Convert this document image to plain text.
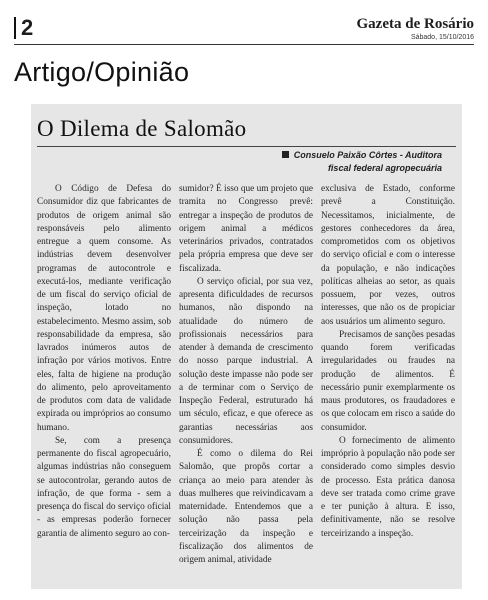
2	Gazeta de Rosário
Sábado, 15/10/2016
Artigo/Opinião
O Dilema de Salomão
Consuelo Paixão Côrtes - Auditora
fiscal federal agropecuária

O Código de Defesa do Consumidor diz que fabricantes de produtos de origem animal são responsáveis pelo alimento entregue a quem consome. As indústrias devem desenvolver programas de autocontrole e executá-los, mediante verificação de um fiscal do serviço oficial de inspeção, lotado no estabelecimento. Mesmo assim, sob responsabilidade da empresa, são lavrados inúmeros autos de infração por vários motivos. Entre eles, falta de higiene na produção do alimento, pelo aproveitamento de produtos com data de validade expirada ou impróprios ao consumo humano.

Se, com a presença permanente do fiscal agropecuário, algumas indústrias não conseguem se autocontrolar, gerando autos de infração, de que forma - sem a presença do fiscal do serviço oficial - as empresas poderão fornecer garantia de alimento seguro ao con-

sumidor? É isso que um projeto que tramita no Congresso prevê: entregar a inspeção de produtos de origem animal a médicos veterinários privados, contratados pela própria empresa que deve ser fiscalizada.

O serviço oficial, por sua vez, apresenta dificuldades de recursos humanos, não dispondo na atualidade do número de profissionais necessários para atender à demanda de crescimento do nosso parque industrial. A solução deste impasse não pode ser a de terminar com o Serviço de Inspeção Federal, estruturado há um século, eficaz, e que oferece as garantias necessárias aos consumidores.

É como o dilema do Rei Salomão, que propôs cortar a criança ao meio para atender às duas mulheres que reivindicavam a maternidade. Entendemos que a solução não passa pela terceirização da inspeção e fiscalização dos alimentos de origem animal, atividade

exclusiva de Estado, conforme prevê a Constituição. Necessitamos, inicialmente, de gestores conhecedores da área, comprometidos com os objetivos do serviço oficial e com o interesse da população, e não indicações políticas alheias ao setor, as quais possuem, por vezes, outros interesses, que não os de propiciar aos usuários um alimento seguro.

Precisamos de sanções pesadas quando forem verificadas irregularidades ou fraudes na produção de alimentos. É necessário punir exemplarmente os maus produtores, os fraudadores e os que colocam em risco a saúde do consumidor.

O fornecimento de alimento impróprio à população não pode ser considerado como simples desvio de processo. Esta prática danosa deve ser tratada como crime grave e ter punição à altura. E isso, definitivamente, não se resolve terceirizando a inspeção.
